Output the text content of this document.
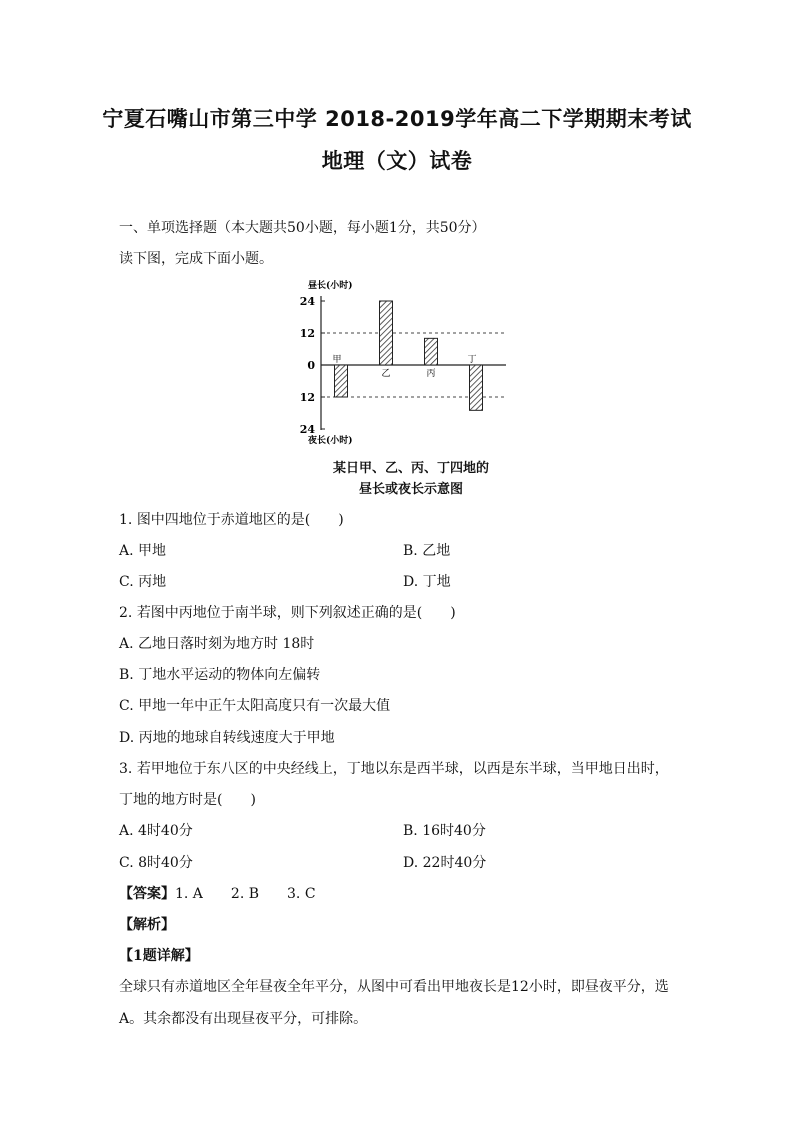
宁夏石嘴山市第三中学 2018-2019学年高二下学期期末考试
地理（文）试卷
一、单项选择题（本大题共50小题，每小题1分，共50分）
读下图，完成下面小题。
昼长(小时)
夜长(小时)
24
12
0
12
24
甲
乙	丙
丁
某日甲、乙、丙、丁四地的
昼长或夜长示意图
1. 图中四地位于赤道地区的是(　　)
A. 甲地	B. 乙地
C. 丙地	D. 丁地
2. 若图中丙地位于南半球，则下列叙述正确的是(　　)
A. 乙地日落时刻为地方时 18时
B. 丁地水平运动的物体向左偏转
C. 甲地一年中正午太阳高度只有一次最大值
D. 丙地的地球自转线速度大于甲地
3. 若甲地位于东八区的中央经线上，丁地以东是西半球，以西是东半球，当甲地日出时，
丁地的地方时是(　　)
A. 4时40分	B. 16时40分
C. 8时40分	D. 22时40分
【答案】1. A　　2. B　　3. C
【解析】
【1题详解】
全球只有赤道地区全年昼夜全年平分，从图中可看出甲地夜长是12小时，即昼夜平分，选
A。其余都没有出现昼夜平分，可排除。
